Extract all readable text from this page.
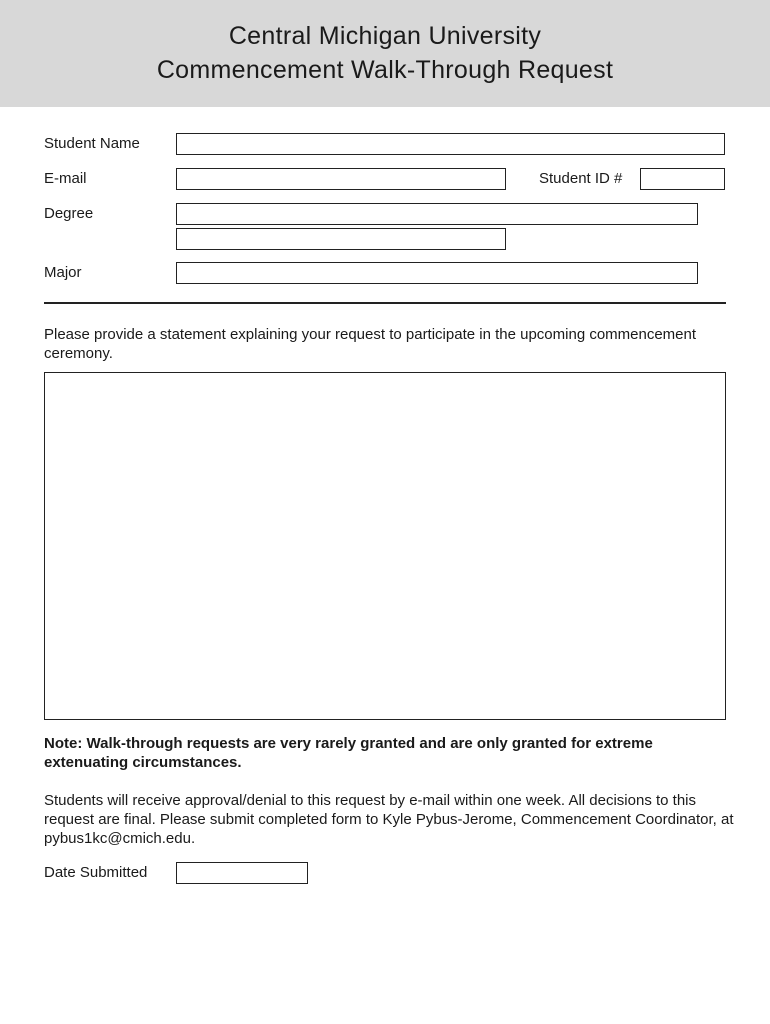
Central Michigan University
Commencement Walk-Through Request
Student Name
E-mail	Student ID #
Degree
Major
Please provide a statement explaining your request to participate in the upcoming commencement ceremony.
Note: Walk-through requests are very rarely granted and are only granted for extreme extenuating circumstances.
Students will receive approval/denial to this request by e-mail within one week. All decisions to this request are final. Please submit completed form to Kyle Pybus-Jerome, Commencement Coordinator, at pybus1kc@cmich.edu.
Date Submitted
